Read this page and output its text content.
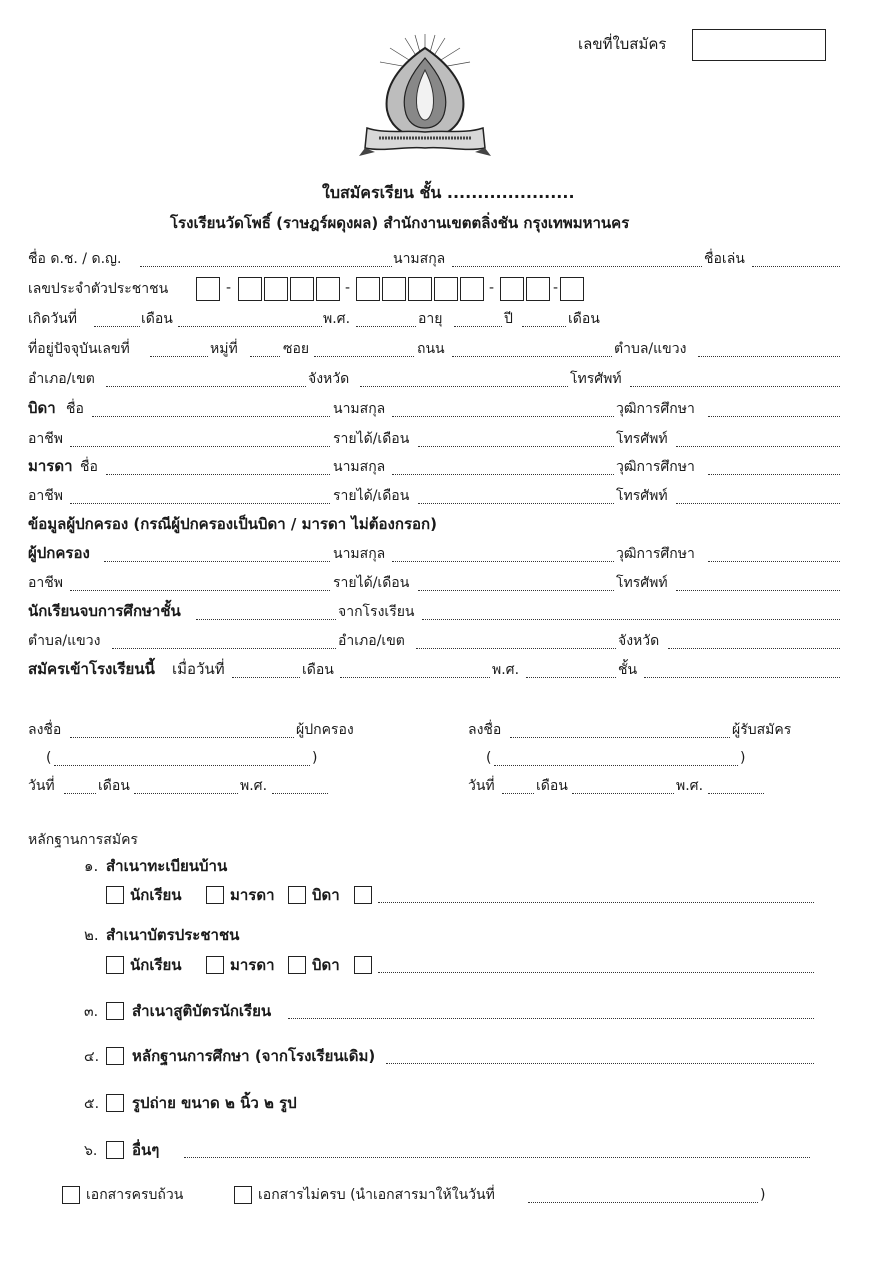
เลขที่ใบสมัคร
ใบสมัครเรียน ชั้น .....................
โรงเรียนวัดโพธิ์ (ราษฎร์ผดุงผล) สำนักงานเขตตลิ่งชัน กรุงเทพมหานคร
ชื่อ ด.ช. / ด.ญ.	นามสกุล	ชื่อเล่น
เลขประจำตัวประชาชน	-	-	-	-
เกิดวันที่	เดือน	พ.ศ.	อายุ	ปี	เดือน
ที่อยู่ปัจจุบันเลขที่	หมู่ที่	ซอย	ถนน	ตำบล/แขวง
อำเภอ/เขต	จังหวัด	โทรศัพท์
บิดา ชื่อ	นามสกุล	วุฒิการศึกษา
อาชีพ	รายได้/เดือน	โทรศัพท์
มารดา ชื่อ	นามสกุล	วุฒิการศึกษา
อาชีพ	รายได้/เดือน	โทรศัพท์
ข้อมูลผู้ปกครอง (กรณีผู้ปกครองเป็นบิดา / มารดา ไม่ต้องกรอก)
ผู้ปกครอง	นามสกุล	วุฒิการศึกษา
อาชีพ	รายได้/เดือน	โทรศัพท์
นักเรียนจบการศึกษาชั้น	จากโรงเรียน
ตำบล/แขวง	อำเภอ/เขต	จังหวัด
สมัครเข้าโรงเรียนนี้ เมื่อวันที่	เดือน	พ.ศ.	ชั้น
ลงชื่อ	ผู้ปกครอง
(	)
วันที่	เดือน	พ.ศ.
ลงชื่อ	ผู้รับสมัคร
(	)
วันที่	เดือน	พ.ศ.
หลักฐานการสมัคร
๑. สำเนาทะเบียนบ้าน
นักเรียน	มารดา บิดา
๒. สำเนาบัตรประชาชน
นักเรียน	มารดา บิดา
๓. สำเนาสูติบัตรนักเรียน
๔. หลักฐานการศึกษา (จากโรงเรียนเดิม)
๕. รูปถ่าย ขนาด ๒ นิ้ว ๒ รูป
๖. อื่นๆ
เอกสารครบถ้วน	เอกสารไม่ครบ (นำเอกสารมาให้ในวันที่	)
